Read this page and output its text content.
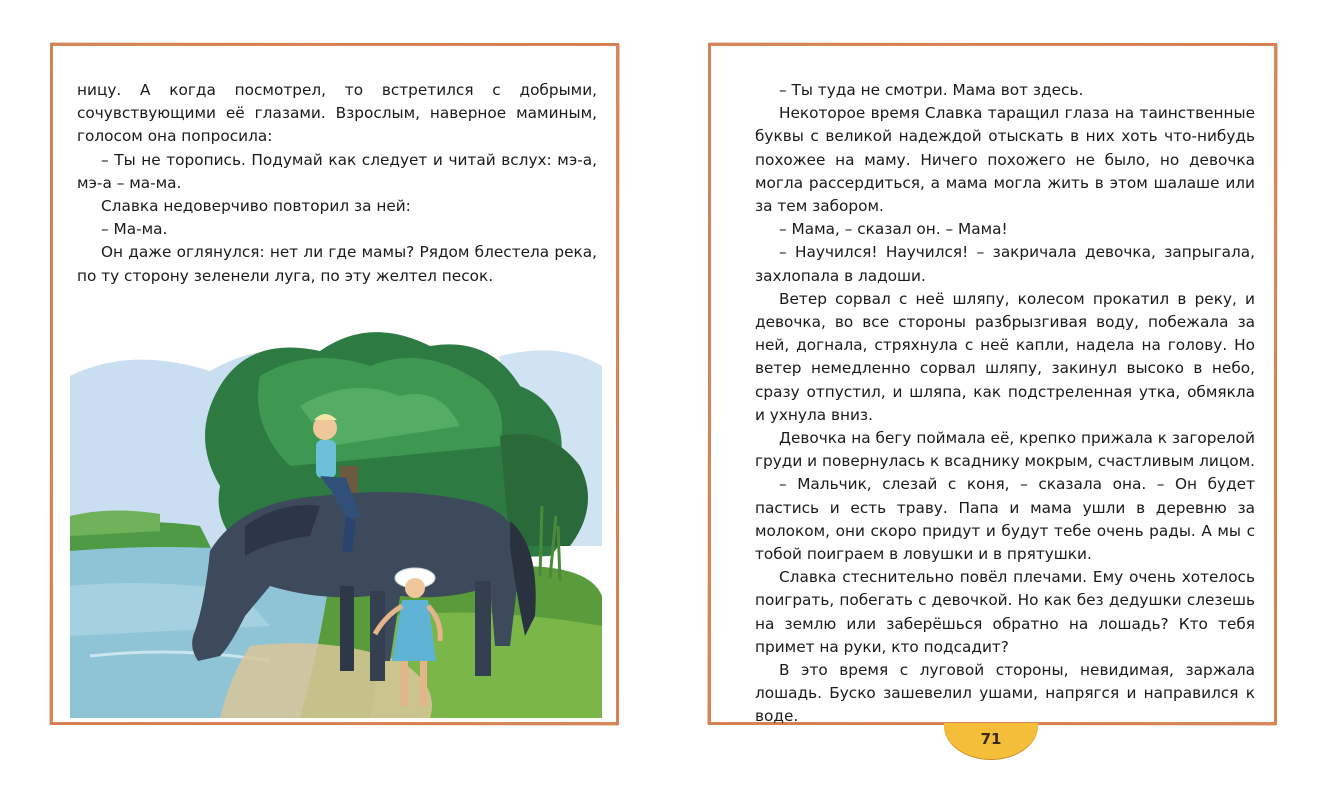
ницу. А когда посмотрел, то встретился с добрыми, сочувствующими её глазами. Взрослым, наверное маминым, голосом она попросила:

– Ты не торопись. Подумай как следует и читай вслух: мэ-а, мэ-а – ма-ма.

Славка недоверчиво повторил за ней:

– Ма-ма.

Он даже оглянулся: нет ли где мамы? Рядом блестела река, по ту сторону зеленели луга, по эту желтел песок.

– Ты туда не смотри. Мама вот здесь.

Некоторое время Славка таращил глаза на таинственные буквы с великой надеждой отыскать в них хоть что-нибудь похожее на маму. Ничего похожего не было, но девочка могла рассердиться, а мама могла жить в этом шалаше или за тем забором.

– Мама, – сказал он. – Мама!

– Научился! Научился! – закричала девочка, запрыгала, захлопала в ладоши.

Ветер сорвал с неё шляпу, колесом прокатил в реку, и девочка, во все стороны разбрызгивая воду, побежала за ней, догнала, стряхнула с неё капли, надела на голову. Но ветер немедленно сорвал шляпу, закинул высоко в небо, сразу отпустил, и шляпа, как подстреленная утка, обмякла и ухнула вниз.

Девочка на бегу поймала её, крепко прижала к загорелой груди и повернулась к всаднику мокрым, счастливым лицом.

– Мальчик, слезай с коня, – сказала она. – Он будет пастись и есть траву. Папа и мама ушли в деревню за молоком, они скоро придут и будут тебе очень рады. А мы с тобой поиграем в ловушки и в прятушки.

Славка стеснительно повёл плечами. Ему очень хотелось поиграть, побегать с девочкой. Но как без дедушки слезешь на землю или заберёшься обратно на лошадь? Кто тебя примет на руки, кто подсадит?

В это время с луговой стороны, невидимая, заржала лошадь. Буско зашевелил ушами, напрягся и направился к воде.

71
